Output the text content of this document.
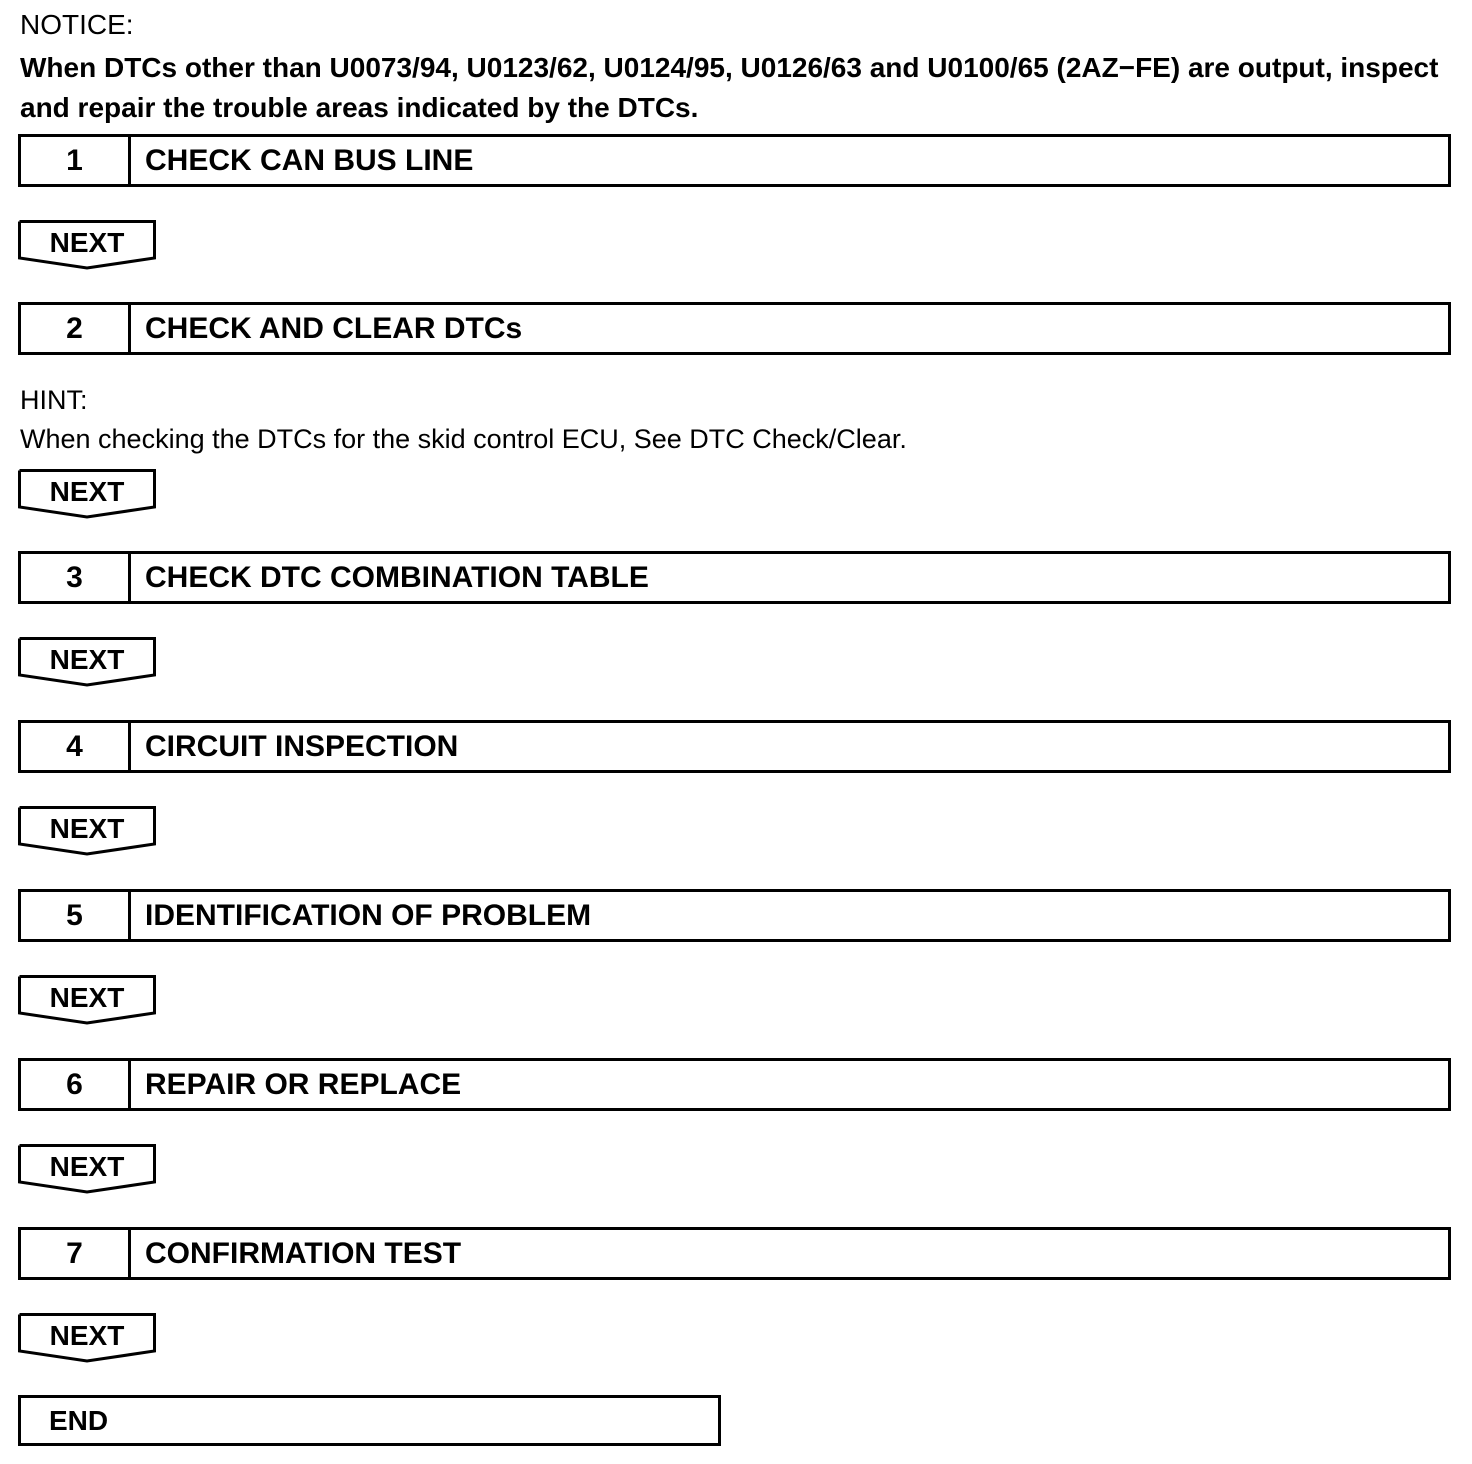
NOTICE:
When DTCs other than U0073/94, U0123/62, U0124/95, U0126/63 and U0100/65 (2AZ−FE) are output, inspect and repair the trouble areas indicated by the DTCs.
1	CHECK CAN BUS LINE
NEXT
2	CHECK AND CLEAR DTCs
HINT:
When checking the DTCs for the skid control ECU, See DTC Check/Clear.
NEXT
3	CHECK DTC COMBINATION TABLE
NEXT
4	CIRCUIT INSPECTION
NEXT
5	IDENTIFICATION OF PROBLEM
NEXT
6	REPAIR OR REPLACE
NEXT
7	CONFIRMATION TEST
NEXT
END
